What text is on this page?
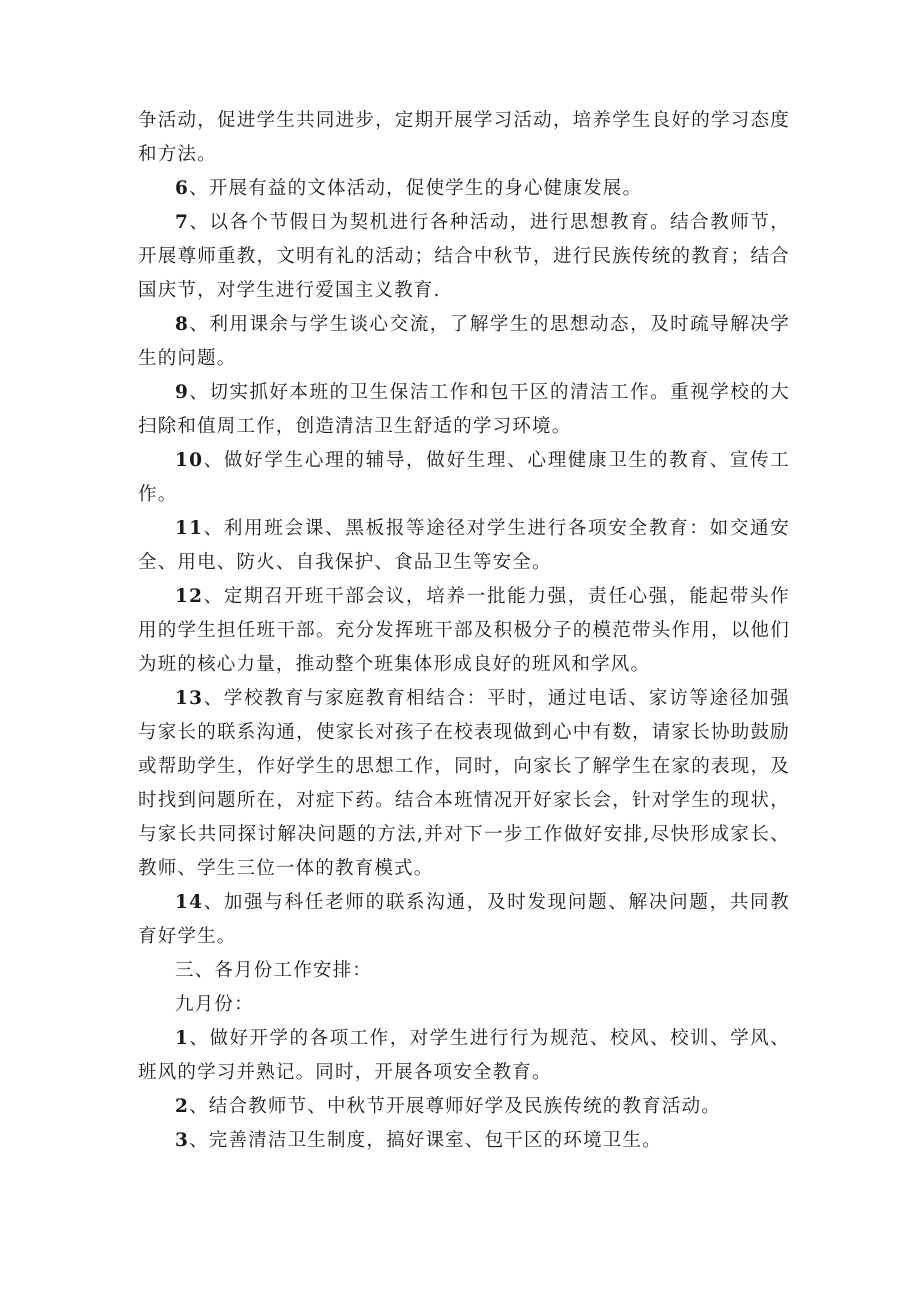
争活动，促进学生共同进步，定期开展学习活动，培养学生良好的学习态度和方法。

6、开展有益的文体活动，促使学生的身心健康发展。

7、以各个节假日为契机进行各种活动，进行思想教育。结合教师节，开展尊师重教，文明有礼的活动；结合中秋节，进行民族传统的教育；结合国庆节，对学生进行爱国主义教育.

8、利用课余与学生谈心交流，了解学生的思想动态，及时疏导解决学生的问题。

9、切实抓好本班的卫生保洁工作和包干区的清洁工作。重视学校的大扫除和值周工作，创造清洁卫生舒适的学习环境。

10、做好学生心理的辅导，做好生理、心理健康卫生的教育、宣传工作。

11、利用班会课、黑板报等途径对学生进行各项安全教育：如交通安全、用电、防火、自我保护、食品卫生等安全。

12、定期召开班干部会议，培养一批能力强，责任心强，能起带头作用的学生担任班干部。充分发挥班干部及积极分子的模范带头作用，以他们为班的核心力量，推动整个班集体形成良好的班风和学风。

13、学校教育与家庭教育相结合：平时，通过电话、家访等途径加强与家长的联系沟通，使家长对孩子在校表现做到心中有数，请家长协助鼓励或帮助学生，作好学生的思想工作，同时，向家长了解学生在家的表现，及时找到问题所在，对症下药。结合本班情况开好家长会，针对学生的现状，与家长共同探讨解决问题的方法,并对下一步工作做好安排,尽快形成家长、教师、学生三位一体的教育模式。

14、加强与科任老师的联系沟通，及时发现问题、解决问题，共同教育好学生。

三、各月份工作安排：

九月份：

1、做好开学的各项工作，对学生进行行为规范、校风、校训、学风、班风的学习并熟记。同时，开展各项安全教育。

2、结合教师节、中秋节开展尊师好学及民族传统的教育活动。

3、完善清洁卫生制度，搞好课室、包干区的环境卫生。
